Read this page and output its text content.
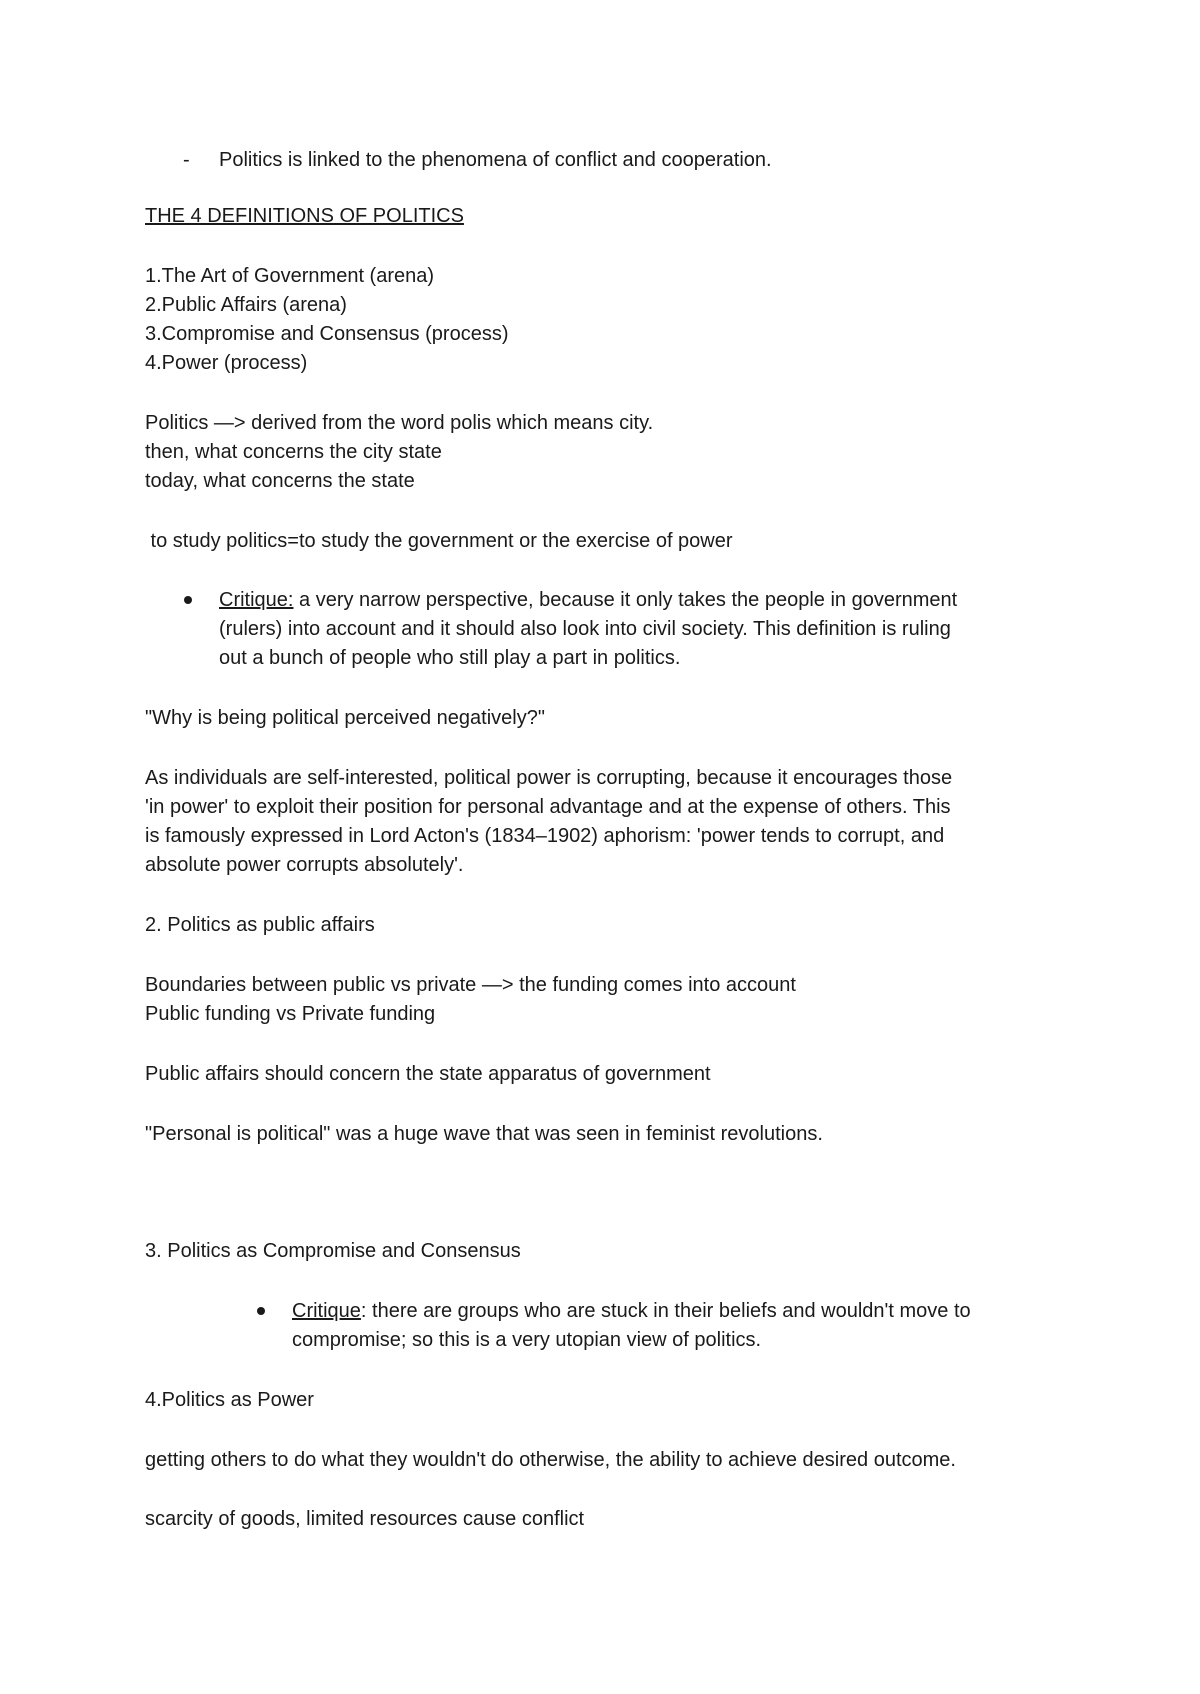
- Politics is linked to the phenomena of conflict and cooperation.
THE 4 DEFINITIONS OF POLITICS
1.The Art of Government (arena)
2.Public Affairs (arena)
3.Compromise and Consensus (process)
4.Power (process)
Politics —> derived from the word polis which means city.
then, what concerns the city state
today, what concerns the state
to study politics=to study the government or the exercise of power
Critique: a very narrow perspective, because it only takes the people in government
(rulers) into account and it should also look into civil society. This definition is ruling
out a bunch of people who still play a part in politics.
"Why is being political perceived negatively?"
As individuals are self-interested, political power is corrupting, because it encourages those
'in power' to exploit their position for personal advantage and at the expense of others. This
is famously expressed in Lord Acton's (1834–1902) aphorism: 'power tends to corrupt, and
absolute power corrupts absolutely'.
2. Politics as public affairs
Boundaries between public vs private —> the funding comes into account
Public funding vs Private funding
Public affairs should concern the state apparatus of government
"Personal is political" was a huge wave that was seen in feminist revolutions.
3. Politics as Compromise and Consensus
Critique: there are groups who are stuck in their beliefs and wouldn't move to
compromise; so this is a very utopian view of politics.
4.Politics as Power
getting others to do what they wouldn't do otherwise, the ability to achieve desired outcome.
scarcity of goods, limited resources cause conflict
